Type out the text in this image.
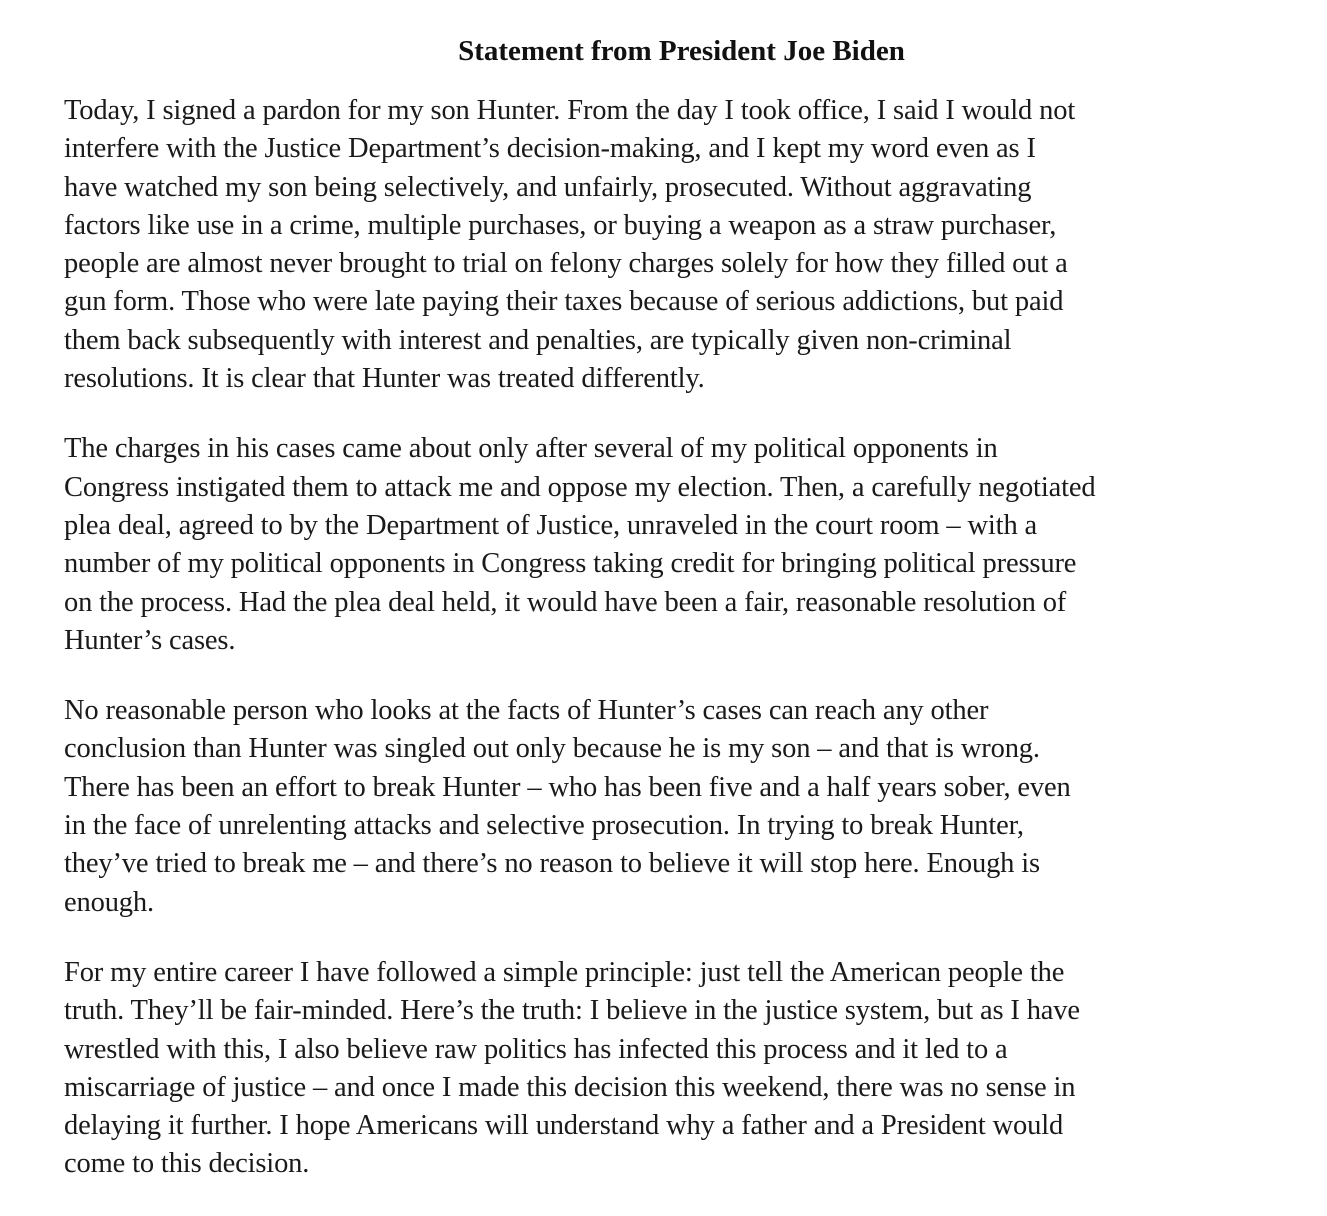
Statement from President Joe Biden

Today, I signed a pardon for my son Hunter. From the day I took office, I said I would not
interfere with the Justice Department’s decision-making, and I kept my word even as I
have watched my son being selectively, and unfairly, prosecuted. Without aggravating
factors like use in a crime, multiple purchases, or buying a weapon as a straw purchaser,
people are almost never brought to trial on felony charges solely for how they filled out a
gun form. Those who were late paying their taxes because of serious addictions, but paid
them back subsequently with interest and penalties, are typically given non-criminal
resolutions. It is clear that Hunter was treated differently.

The charges in his cases came about only after several of my political opponents in
Congress instigated them to attack me and oppose my election. Then, a carefully negotiated
plea deal, agreed to by the Department of Justice, unraveled in the court room – with a
number of my political opponents in Congress taking credit for bringing political pressure
on the process. Had the plea deal held, it would have been a fair, reasonable resolution of
Hunter’s cases.

No reasonable person who looks at the facts of Hunter’s cases can reach any other
conclusion than Hunter was singled out only because he is my son – and that is wrong.
There has been an effort to break Hunter – who has been five and a half years sober, even
in the face of unrelenting attacks and selective prosecution. In trying to break Hunter,
they’ve tried to break me – and there’s no reason to believe it will stop here. Enough is
enough.

For my entire career I have followed a simple principle: just tell the American people the
truth. They’ll be fair-minded. Here’s the truth: I believe in the justice system, but as I have
wrestled with this, I also believe raw politics has infected this process and it led to a
miscarriage of justice – and once I made this decision this weekend, there was no sense in
delaying it further. I hope Americans will understand why a father and a President would
come to this decision.
